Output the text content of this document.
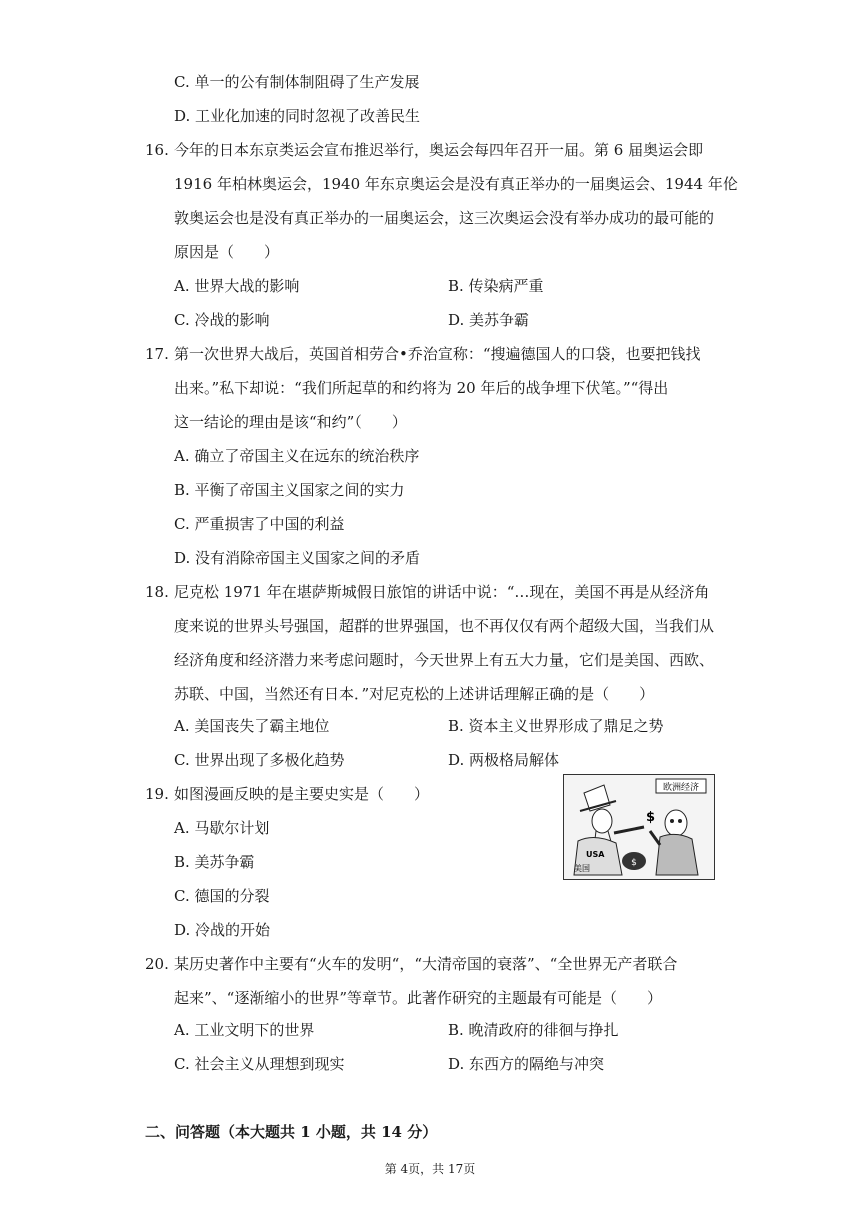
C. 单一的公有制体制阻碍了生产发展
D. 工业化加速的同时忽视了改善民生
16. 今年的日本东京类运会宣布推迟举行，奥运会每四年召开一届。第 6 届奥运会即
1916 年柏林奥运会，1940 年东京奥运会是没有真正举办的一届奥运会、1944 年伦
敦奥运会也是没有真正举办的一届奥运会，这三次奥运会没有举办成功的最可能的
原因是（　　）
A. 世界大战的影响	B. 传染病严重
C. 冷战的影响	D. 美苏争霸
17. 第一次世界大战后，英国首相劳合•乔治宣称：“搜遍德国人的口袋，也要把钱找
出来。”私下却说：“我们所起草的和约将为 20 年后的战争埋下伏笔。”“得出
这一结论的理由是该“和约”（　　）
A. 确立了帝国主义在远东的统治秩序
B. 平衡了帝国主义国家之间的实力
C. 严重损害了中国的利益
D. 没有消除帝国主义国家之间的矛盾
18. 尼克松 1971 年在堪萨斯城假日旅馆的讲话中说：“…现在，美国不再是从经济角
度来说的世界头号强国，超群的世界强国，也不再仅仅有两个超级大国，当我们从
经济角度和经济潜力来考虑问题时，今天世界上有五大力量，它们是美国、西欧、
苏联、中国，当然还有日本．”对尼克松的上述讲话理解正确的是（　　）
A. 美国丧失了霸主地位	B. 资本主义世界形成了鼎足之势
C. 世界出现了多极化趋势	D. 两极格局解体
19. 如图漫画反映的是主要史实是（　　）
A. 马歇尔计划
B. 美苏争霸
C. 德国的分裂
D. 冷战的开始
欧洲经济
USA
美国
$
$
20. 某历史著作中主要有“火车的发明“，“大清帝国的衰落”、“全世界无产者联合
起来”、“逐渐缩小的世界”等章节。此著作研究的主题最有可能是（　　）
A. 工业文明下的世界	B. 晚清政府的徘徊与挣扎
C. 社会主义从理想到现实	D. 东西方的隔绝与冲突
二、问答题（本大题共 1 小题，共 14 分）
第 4页，共 17页
